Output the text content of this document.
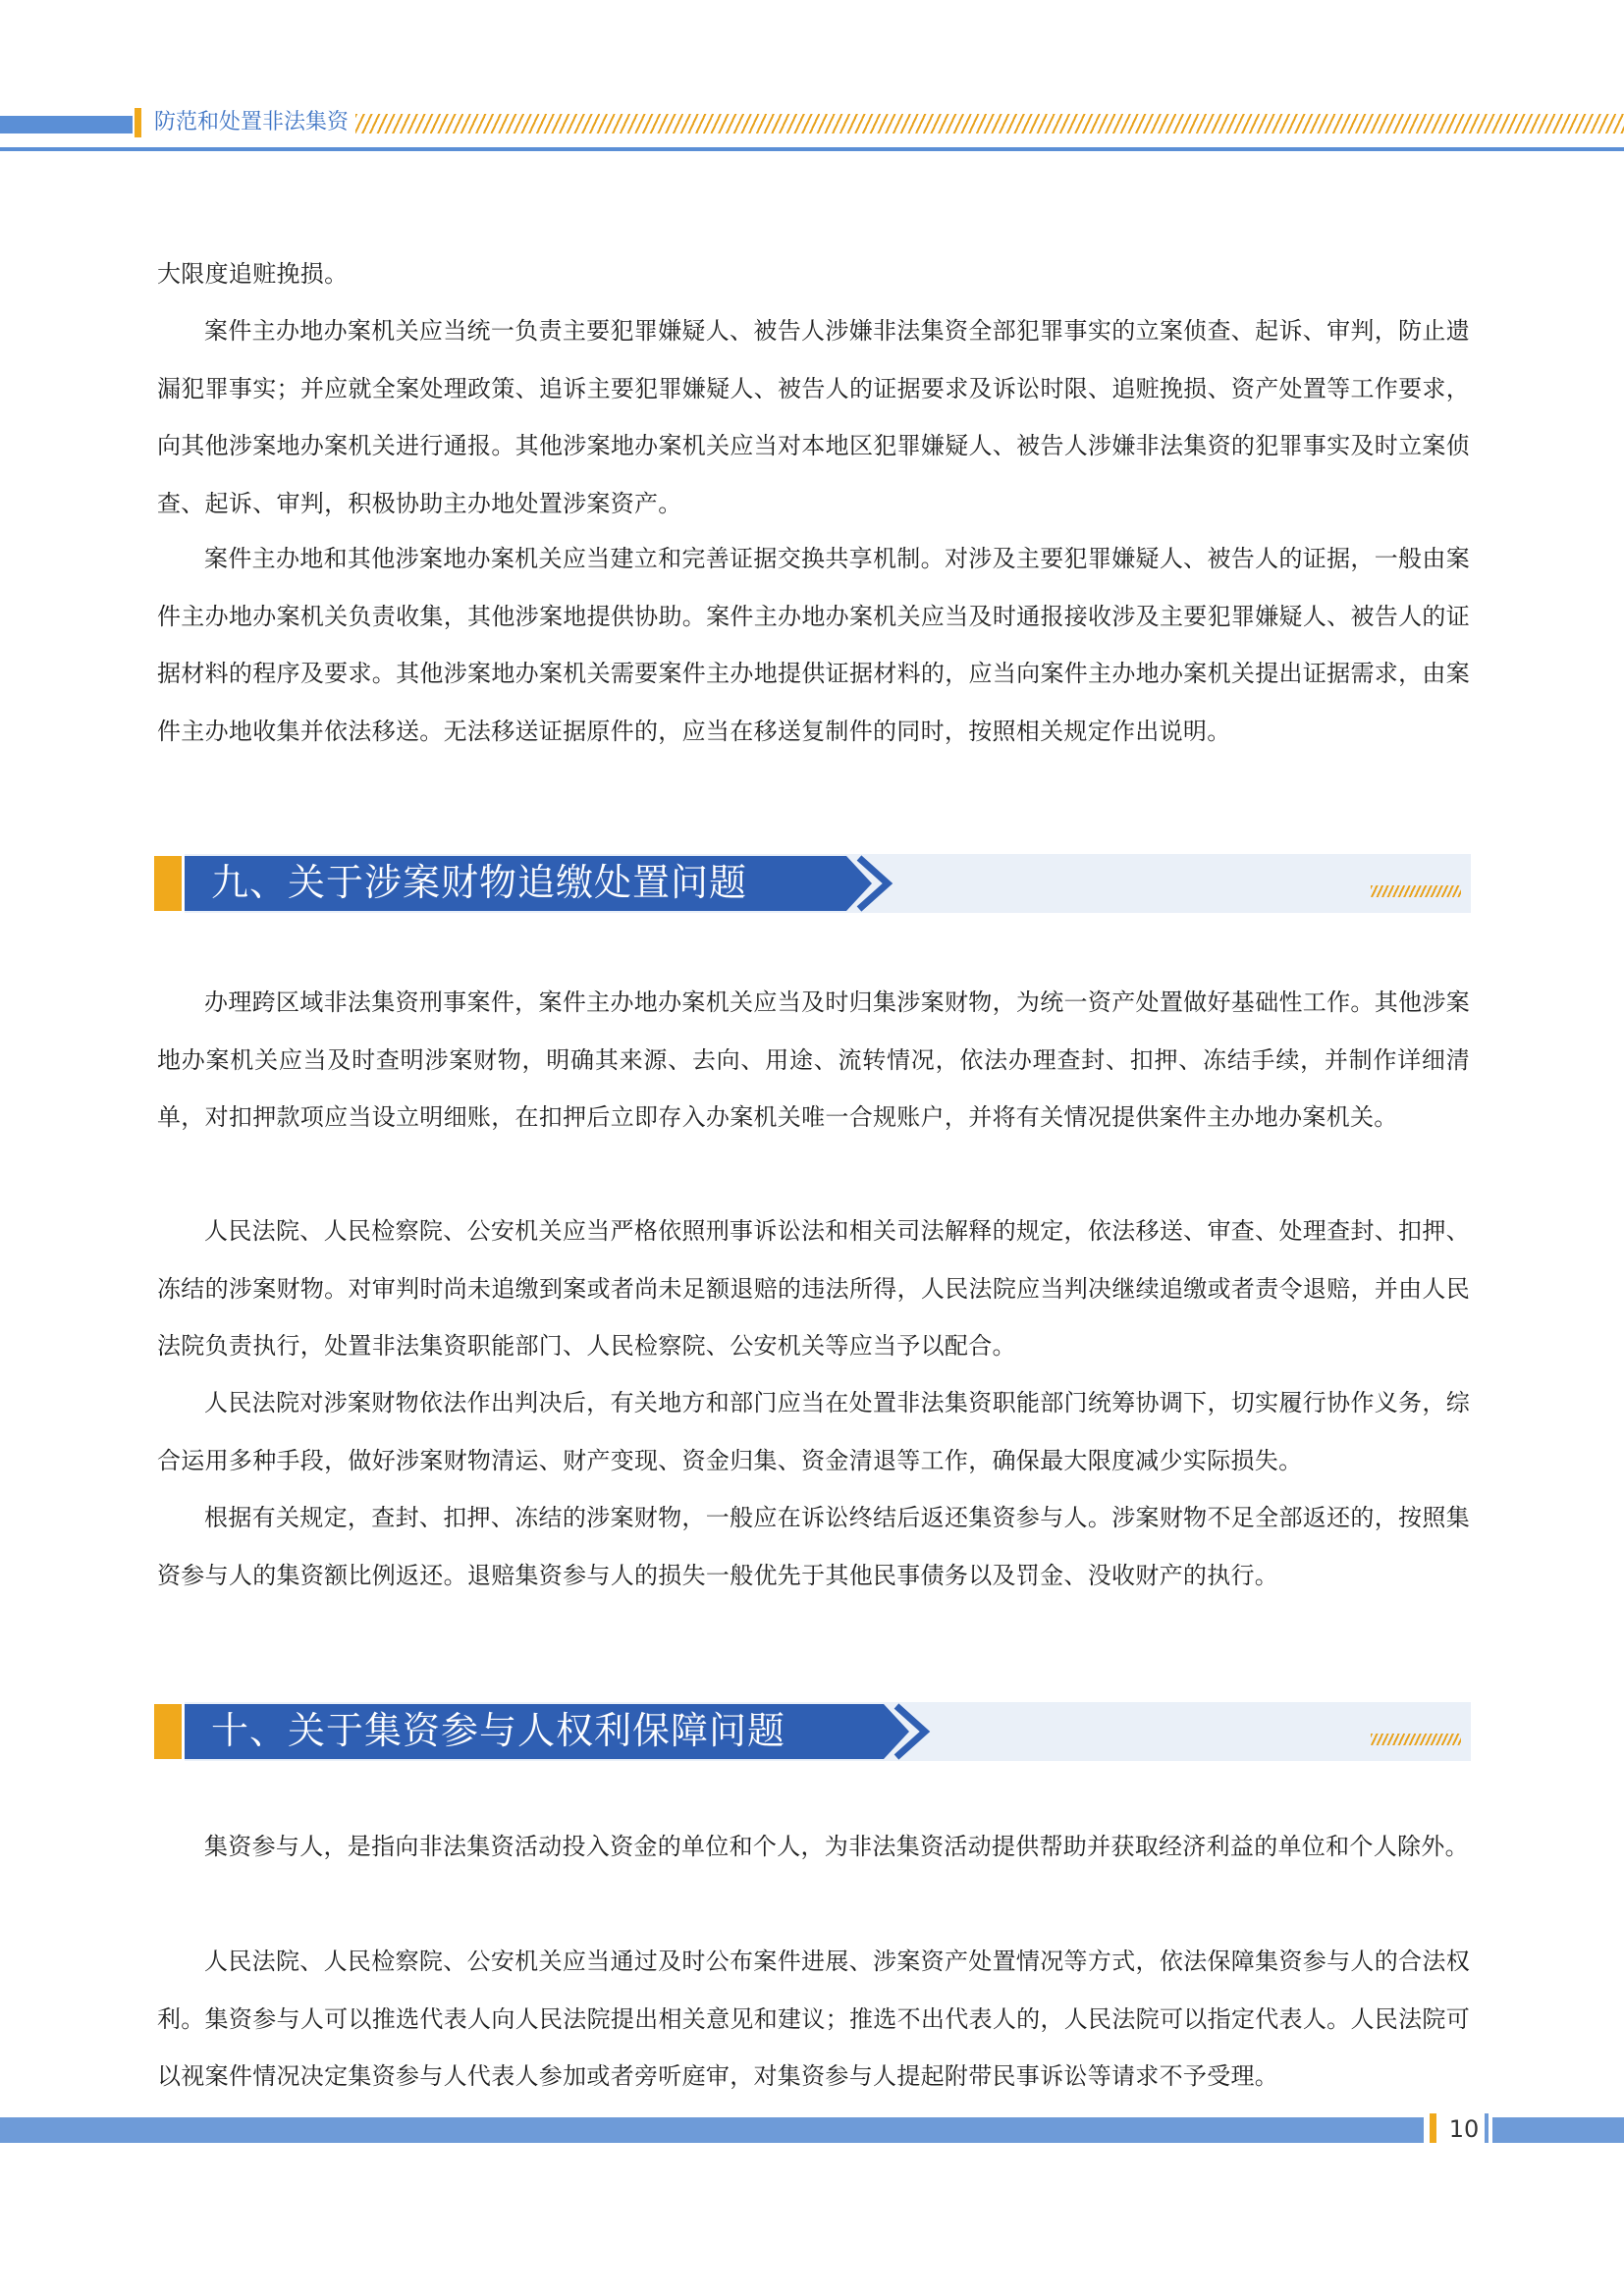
防范和处置非法集资

大限度追赃挽损。

案件主办地办案机关应当统一负责主要犯罪嫌疑人、被告人涉嫌非法集资全部犯罪事实的立案侦查、起诉、审判，防止遗漏犯罪事实；并应就全案处理政策、追诉主要犯罪嫌疑人、被告人的证据要求及诉讼时限、追赃挽损、资产处置等工作要求，向其他涉案地办案机关进行通报。其他涉案地办案机关应当对本地区犯罪嫌疑人、被告人涉嫌非法集资的犯罪事实及时立案侦查、起诉、审判，积极协助主办地处置涉案资产。

案件主办地和其他涉案地办案机关应当建立和完善证据交换共享机制。对涉及主要犯罪嫌疑人、被告人的证据，一般由案件主办地办案机关负责收集，其他涉案地提供协助。案件主办地办案机关应当及时通报接收涉及主要犯罪嫌疑人、被告人的证据材料的程序及要求。其他涉案地办案机关需要案件主办地提供证据材料的，应当向案件主办地办案机关提出证据需求，由案件主办地收集并依法移送。无法移送证据原件的，应当在移送复制件的同时，按照相关规定作出说明。

九、关于涉案财物追缴处置问题

办理跨区域非法集资刑事案件，案件主办地办案机关应当及时归集涉案财物，为统一资产处置做好基础性工作。其他涉案地办案机关应当及时查明涉案财物，明确其来源、去向、用途、流转情况，依法办理查封、扣押、冻结手续，并制作详细清单，对扣押款项应当设立明细账，在扣押后立即存入办案机关唯一合规账户，并将有关情况提供案件主办地办案机关。

人民法院、人民检察院、公安机关应当严格依照刑事诉讼法和相关司法解释的规定，依法移送、审查、处理查封、扣押、冻结的涉案财物。对审判时尚未追缴到案或者尚未足额退赔的违法所得，人民法院应当判决继续追缴或者责令退赔，并由人民法院负责执行，处置非法集资职能部门、人民检察院、公安机关等应当予以配合。

人民法院对涉案财物依法作出判决后，有关地方和部门应当在处置非法集资职能部门统筹协调下，切实履行协作义务，综合运用多种手段，做好涉案财物清运、财产变现、资金归集、资金清退等工作，确保最大限度减少实际损失。

根据有关规定，查封、扣押、冻结的涉案财物，一般应在诉讼终结后返还集资参与人。涉案财物不足全部返还的，按照集资参与人的集资额比例返还。退赔集资参与人的损失一般优先于其他民事债务以及罚金、没收财产的执行。

十、关于集资参与人权利保障问题

集资参与人，是指向非法集资活动投入资金的单位和个人，为非法集资活动提供帮助并获取经济利益的单位和个人除外。

人民法院、人民检察院、公安机关应当通过及时公布案件进展、涉案资产处置情况等方式，依法保障集资参与人的合法权利。集资参与人可以推选代表人向人民法院提出相关意见和建议；推选不出代表人的，人民法院可以指定代表人。人民法院可以视案件情况决定集资参与人代表人参加或者旁听庭审，对集资参与人提起附带民事诉讼等请求不予受理。

10
